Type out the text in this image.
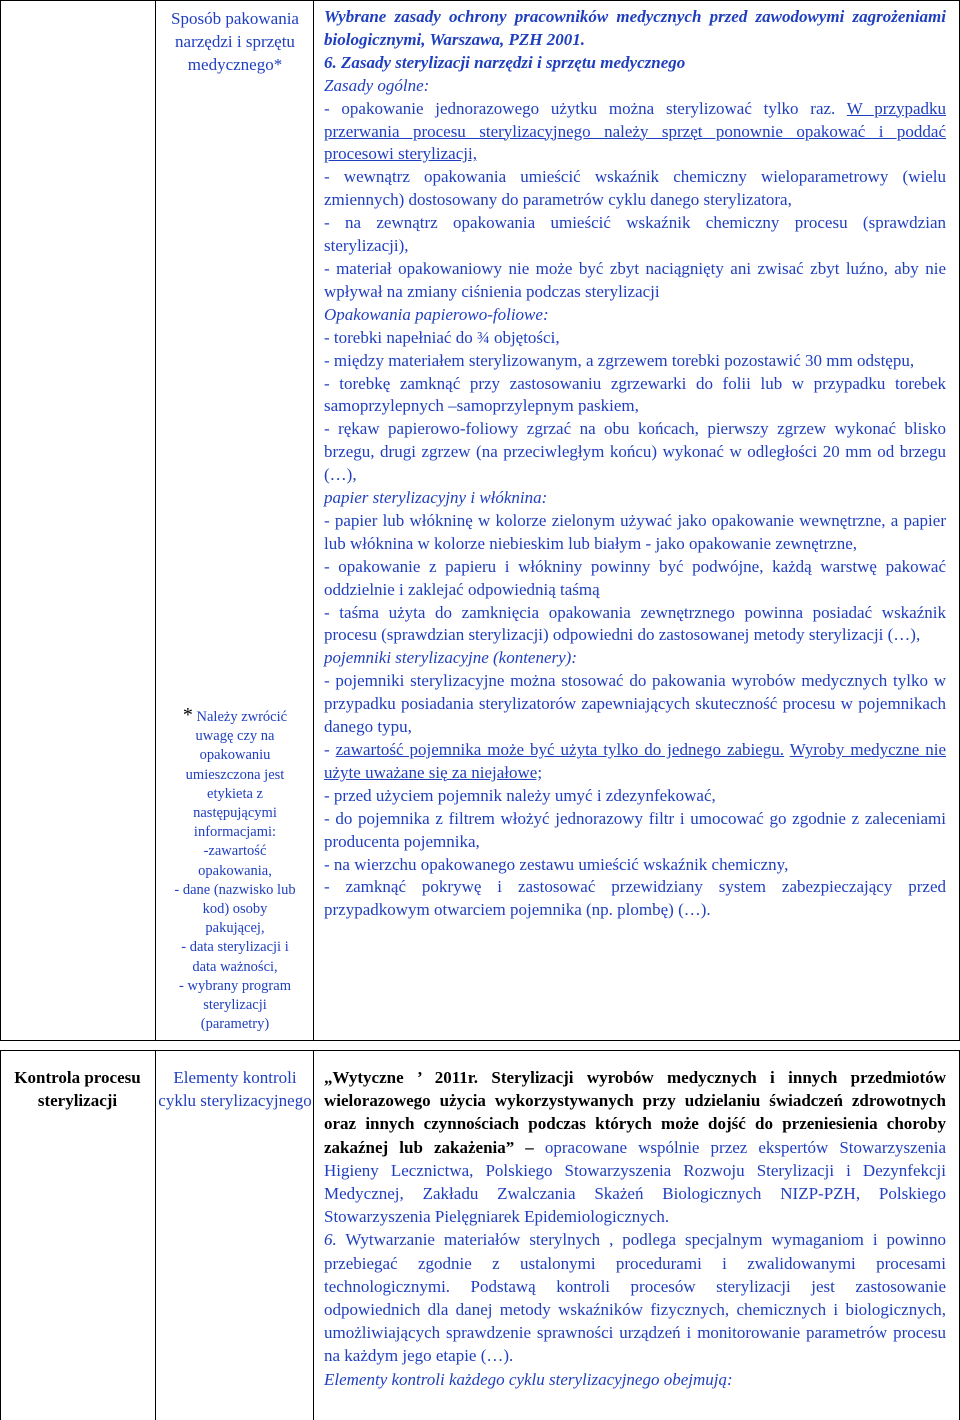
Sposób pakowania narzędzi i sprzętu medycznego*
* Należy zwrócić
uwagę czy na
opakowaniu
umieszczona jest
etykieta z
następującymi
informacjami:
-zawartość
opakowania,
- dane (nazwisko lub
kod) osoby
pakującej,
- data sterylizacji i
data ważności,
- wybrany program
sterylizacji
(parametry)

Wybrane zasady ochrony pracowników medycznych przed zawodowymi zagrożeniami biologicznymi, Warszawa, PZH 2001.

6. Zasady sterylizacji narzędzi i sprzętu medycznego

Zasady ogólne:

- opakowanie jednorazowego użytku można sterylizować tylko raz. W przypadku przerwania procesu sterylizacyjnego należy sprzęt ponownie opakować i poddać procesowi sterylizacji,

- wewnątrz opakowania umieścić wskaźnik chemiczny wieloparametrowy (wielu zmiennych) dostosowany do parametrów cyklu danego sterylizatora,

- na zewnątrz opakowania umieścić wskaźnik chemiczny procesu (sprawdzian sterylizacji),

- materiał opakowaniowy nie może być zbyt naciągnięty ani zwisać zbyt luźno, aby nie wpływał na zmiany ciśnienia podczas sterylizacji

Opakowania papierowo-foliowe:

- torebki napełniać do ¾ objętości,

- między materiałem sterylizowanym, a zgrzewem torebki pozostawić 30 mm odstępu,

- torebkę zamknąć przy zastosowaniu zgrzewarki do folii lub w przypadku torebek samoprzylepnych –samoprzylepnym paskiem,

- rękaw papierowo-foliowy zgrzać na obu końcach, pierwszy zgrzew wykonać blisko brzegu, drugi zgrzew (na przeciwległym końcu) wykonać w odległości 20 mm od brzegu (…),

papier sterylizacyjny i włóknina:

- papier lub włókninę w kolorze zielonym używać jako opakowanie wewnętrzne, a papier lub włóknina w kolorze niebieskim lub białym - jako opakowanie zewnętrzne,

- opakowanie z papieru i włókniny powinny być podwójne, każdą warstwę pakować oddzielnie i zaklejać odpowiednią taśmą

- taśma użyta do zamknięcia opakowania zewnętrznego powinna posiadać wskaźnik procesu (sprawdzian sterylizacji) odpowiedni do zastosowanej metody sterylizacji (…),

pojemniki sterylizacyjne (kontenery):

- pojemniki sterylizacyjne można stosować do pakowania wyrobów medycznych tylko w przypadku posiadania sterylizatorów zapewniających skuteczność procesu w pojemnikach danego typu,

- zawartość pojemnika może być użyta tylko do jednego zabiegu. Wyroby medyczne nie użyte uważane się za niejałowe;

- przed użyciem pojemnik należy umyć i zdezynfekować,

- do pojemnika z filtrem włożyć jednorazowy filtr i umocować go zgodnie z zaleceniami producenta pojemnika,

- na wierzchu opakowanego zestawu umieścić wskaźnik chemiczny,

- zamknąć pokrywę i zastosować przewidziany system zabezpieczający przed przypadkowym otwarciem pojemnika (np. plombę) (…).

Kontrola procesu sterylizacji
Elementy kontroli cyklu sterylizacyjnego

„Wytyczne ’ 2011r. Sterylizacji wyrobów medycznych i innych przedmiotów wielorazowego użycia wykorzystywanych przy udzielaniu świadczeń zdrowotnych oraz innych czynnościach podczas których może dojść do przeniesienia choroby zakaźnej lub zakażenia” – opracowane wspólnie przez ekspertów Stowarzyszenia Higieny Lecznictwa, Polskiego Stowarzyszenia Rozwoju Sterylizacji i Dezynfekcji Medycznej, Zakładu Zwalczania Skażeń Biologicznych NIZP-PZH, Polskiego Stowarzyszenia Pielęgniarek Epidemiologicznych.

6. Wytwarzanie materiałów sterylnych , podlega specjalnym wymaganiom i powinno przebiegać zgodnie z ustalonymi procedurami i zwalidowanymi procesami technologicznymi. Podstawą kontroli procesów sterylizacji jest zastosowanie odpowiednich dla danej metody wskaźników fizycznych, chemicznych i biologicznych, umożliwiających sprawdzenie sprawności urządzeń i monitorowanie parametrów procesu na każdym jego etapie (…).

Elementy kontroli każdego cyklu sterylizacyjnego obejmują:
